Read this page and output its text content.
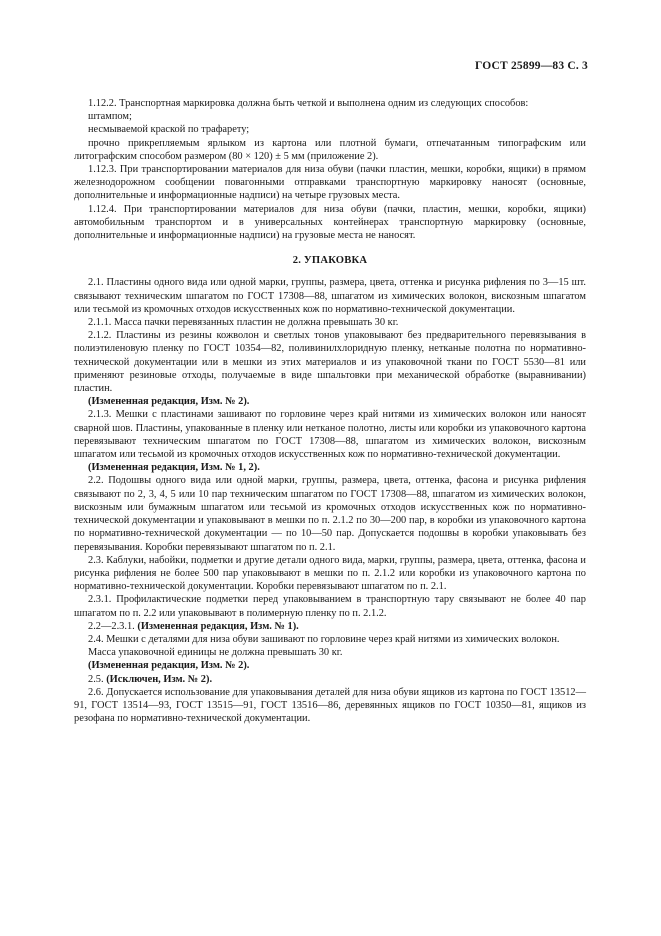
ГОСТ 25899—83 С. 3

1.12.2. Транспортная маркировка должна быть четкой и выполнена одним из следующих способов:

штампом;

несмываемой краской по трафарету;

прочно прикрепляемым ярлыком из картона или плотной бумаги, отпечатанным типографским или литографским способом размером (80 × 120) ± 5 мм (приложение 2).

1.12.3. При транспортировании материалов для низа обуви (пачки пластин, мешки, коробки, ящики) в прямом железнодорожном сообщении повагонными отправками транспортную маркировку наносят (основные, дополнительные и информационные надписи) на четыре грузовых места.

1.12.4. При транспортировании материалов для низа обуви (пачки, пластин, мешки, коробки, ящики) автомобильным транспортом и в универсальных контейнерах транспортную маркировку (основные, дополнительные и информационные надписи) на грузовые места не наносят.

2. УПАКОВКА

2.1. Пластины одного вида или одной марки, группы, размера, цвета, оттенка и рисунка рифления по 3—15 шт. связывают техническим шпагатом по ГОСТ 17308—88, шпагатом из химических волокон, вискозным шпагатом или тесьмой из кромочных отходов искусственных кож по нормативно-технической документации.

2.1.1. Масса пачки перевязанных пластин не должна превышать 30 кг.

2.1.2. Пластины из резины кожволон и светлых тонов упаковывают без предварительного перевязывания в полиэтиленовую пленку по ГОСТ 10354—82, поливинилхлоридную пленку, нетканые полотна по нормативно-технической документации или в мешки из этих материалов и из упаковочной ткани по ГОСТ 5530—81 или применяют резиновые отходы, получаемые в виде шпальтовки при механической обработке (выравнивании) пластин.

(Измененная редакция, Изм. № 2).

2.1.3. Мешки с пластинами зашивают по горловине через край нитями из химических волокон или наносят сварной шов. Пластины, упакованные в пленку или нетканое полотно, листы или коробки из упаковочного картона перевязывают техническим шпагатом по ГОСТ 17308—88, шпагатом из химических волокон, вискозным шпагатом или тесьмой из кромочных отходов искусственных кож по нормативно-технической документации.

(Измененная редакция, Изм. № 1, 2).

2.2. Подошвы одного вида или одной марки, группы, размера, цвета, оттенка, фасона и рисунка рифления связывают по 2, 3, 4, 5 или 10 пар техническим шпагатом по ГОСТ 17308—88, шпагатом из химических волокон, вискозным или бумажным шпагатом или тесьмой из кромочных отходов искусственных кож по нормативно-технической документации и упаковывают в мешки по п. 2.1.2 по 30—200 пар, в коробки из упаковочного картона по нормативно-технической документации — по 10—50 пар. Допускается подошвы в коробки упаковывать без перевязывания. Коробки перевязывают шпагатом по п. 2.1.

2.3. Каблуки, набойки, подметки и другие детали одного вида, марки, группы, размера, цвета, оттенка, фасона и рисунка рифления не более 500 пар упаковывают в мешки по п. 2.1.2 или коробки из упаковочного картона по нормативно-технической документации. Коробки перевязывают шпагатом по п. 2.1.

2.3.1. Профилактические подметки перед упаковыванием в транспортную тару связывают не более 40 пар шпагатом по п. 2.2 или упаковывают в полимерную пленку по п. 2.1.2.

2.2—2.3.1. (Измененная редакция, Изм. № 1).

2.4. Мешки с деталями для низа обуви зашивают по горловине через край нитями из химических волокон.

Масса упаковочной единицы не должна превышать 30 кг.

(Измененная редакция, Изм. № 2).

2.5. (Исключен, Изм. № 2).

2.6. Допускается использование для упаковывания деталей для низа обуви ящиков из картона по ГОСТ 13512—91, ГОСТ 13514—93, ГОСТ 13515—91, ГОСТ 13516—86, деревянных ящиков по ГОСТ 10350—81, ящиков из резофана по нормативно-технической документации.
